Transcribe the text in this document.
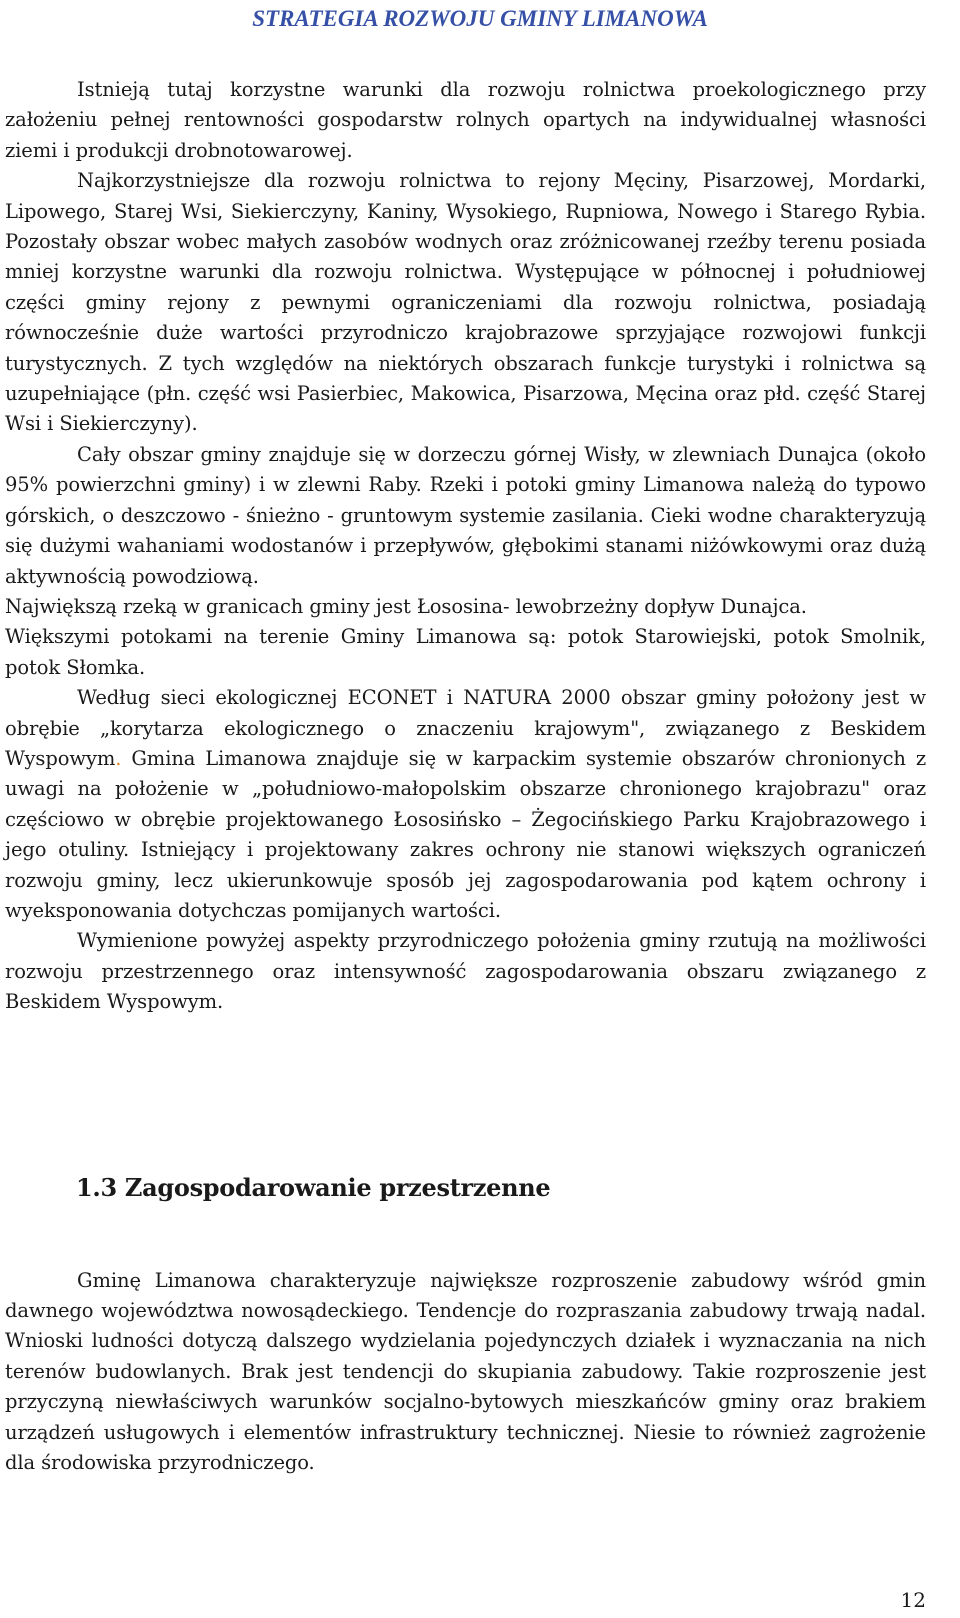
STRATEGIA ROZWOJU GMINY LIMANOWA

Istnieją tutaj korzystne warunki dla rozwoju rolnictwa proekologicznego przy założeniu pełnej rentowności gospodarstw rolnych opartych na indywidualnej własności ziemi i produkcji drobnotowarowej.

Najkorzystniejsze dla rozwoju rolnictwa to rejony Męciny, Pisarzowej, Mordarki, Lipowego, Starej Wsi, Siekierczyny, Kaniny, Wysokiego, Rupniowa, Nowego i Starego Rybia. Pozostały obszar wobec małych zasobów wodnych oraz zróżnicowanej rzeźby terenu posiada mniej korzystne warunki dla rozwoju rolnictwa. Występujące w północnej i południowej części gminy rejony z pewnymi ograniczeniami dla rozwoju rolnictwa, posiadają równocześnie duże wartości przyrodniczo krajobrazowe sprzyjające rozwojowi funkcji turystycznych. Z tych względów na niektórych obszarach funkcje turystyki i rolnictwa są uzupełniające (płn. część wsi Pasierbiec, Makowica, Pisarzowa, Męcina oraz płd. część Starej Wsi i Siekierczyny).

Cały obszar gminy znajduje się w dorzeczu górnej Wisły, w zlewniach Dunajca (około 95% powierzchni gminy) i w zlewni Raby. Rzeki i potoki gminy Limanowa należą do typowo górskich, o deszczowo - śnieżno - gruntowym systemie zasilania. Cieki wodne charakteryzują się dużymi wahaniami wodostanów i przepływów, głębokimi stanami niżówkowymi oraz dużą aktywnością powodziową.

Największą rzeką w granicach gminy jest Łososina- lewobrzeżny dopływ Dunajca.

Większymi potokami na terenie Gminy Limanowa są: potok Starowiejski, potok Smolnik, potok Słomka.

Według sieci ekologicznej ECONET i NATURA 2000 obszar gminy położony jest w obrębie „korytarza ekologicznego o znaczeniu krajowym", związanego z Beskidem Wyspowym. Gmina Limanowa znajduje się w karpackim systemie obszarów chronionych z uwagi na położenie w „południowo-małopolskim obszarze chronionego krajobrazu" oraz częściowo w obrębie projektowanego Łososińsko – Żegocińskiego Parku Krajobrazowego i jego otuliny. Istniejący i projektowany zakres ochrony nie stanowi większych ograniczeń rozwoju gminy, lecz ukierunkowuje sposób jej zagospodarowania pod kątem ochrony i wyeksponowania dotychczas pomijanych wartości.

Wymienione powyżej aspekty przyrodniczego położenia gminy rzutują na możliwości rozwoju przestrzennego oraz intensywność zagospodarowania obszaru związanego z Beskidem Wyspowym.

1.3 Zagospodarowanie przestrzenne

Gminę Limanowa charakteryzuje największe rozproszenie zabudowy wśród gmin dawnego województwa nowosądeckiego. Tendencje do rozpraszania zabudowy trwają nadal. Wnioski ludności dotyczą dalszego wydzielania pojedynczych działek i wyznaczania na nich terenów budowlanych. Brak jest tendencji do skupiania zabudowy. Takie rozproszenie jest przyczyną niewłaściwych warunków socjalno-bytowych mieszkańców gminy oraz brakiem urządzeń usługowych i elementów infrastruktury technicznej. Niesie to również zagrożenie dla środowiska przyrodniczego.

12
